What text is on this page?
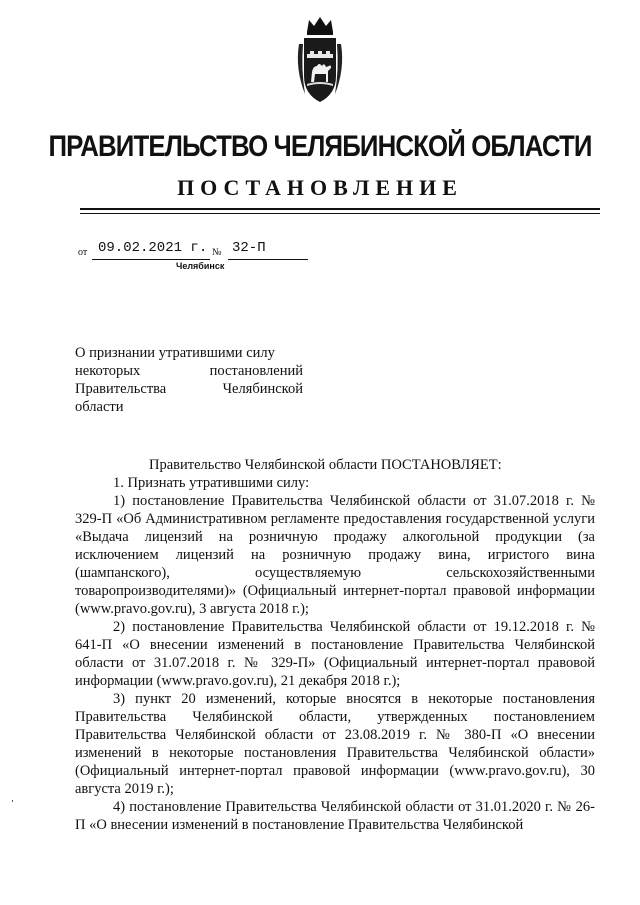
ПРАВИТЕЛЬСТВО ЧЕЛЯБИНСКОЙ ОБЛАСТИ
ПОСТАНОВЛЕНИЕ
от 09.02.2021 г. № 32-П
Челябинск
О признании утратившими силу
некоторых	постановлений
Правительства	Челябинской
области

Правительство Челябинской области ПОСТАНОВЛЯЕТ:

1. Признать утратившими силу:

1) постановление Правительства Челябинской области от 31.07.2018 г. № 329-П «Об Административном регламенте предоставления государственной услуги «Выдача лицензий на розничную продажу алкогольной продукции (за исключением лицензий на розничную продажу вина, игристого вина (шампанского), осуществляемую сельскохозяйственными товаропроизводителями)» (Официальный интернет-портал правовой информации (www.pravo.gov.ru), 3 августа 2018 г.);

2) постановление Правительства Челябинской области от 19.12.2018 г. № 641-П «О внесении изменений в постановление Правительства Челябинской области от 31.07.2018 г. № 329-П» (Официальный интернет-портал правовой информации (www.pravo.gov.ru), 21 декабря 2018 г.);

3) пункт 20 изменений, которые вносятся в некоторые постановления Правительства Челябинской области, утвержденных постановлением Правительства Челябинской области от 23.08.2019 г. № 380-П «О внесении изменений в некоторые постановления Правительства Челябинской области» (Официальный интернет-портал правовой информации (www.pravo.gov.ru), 30 августа 2019 г.);

4) постановление Правительства Челябинской области от 31.01.2020 г. № 26-П «О внесении изменений в постановление Правительства Челябинской
